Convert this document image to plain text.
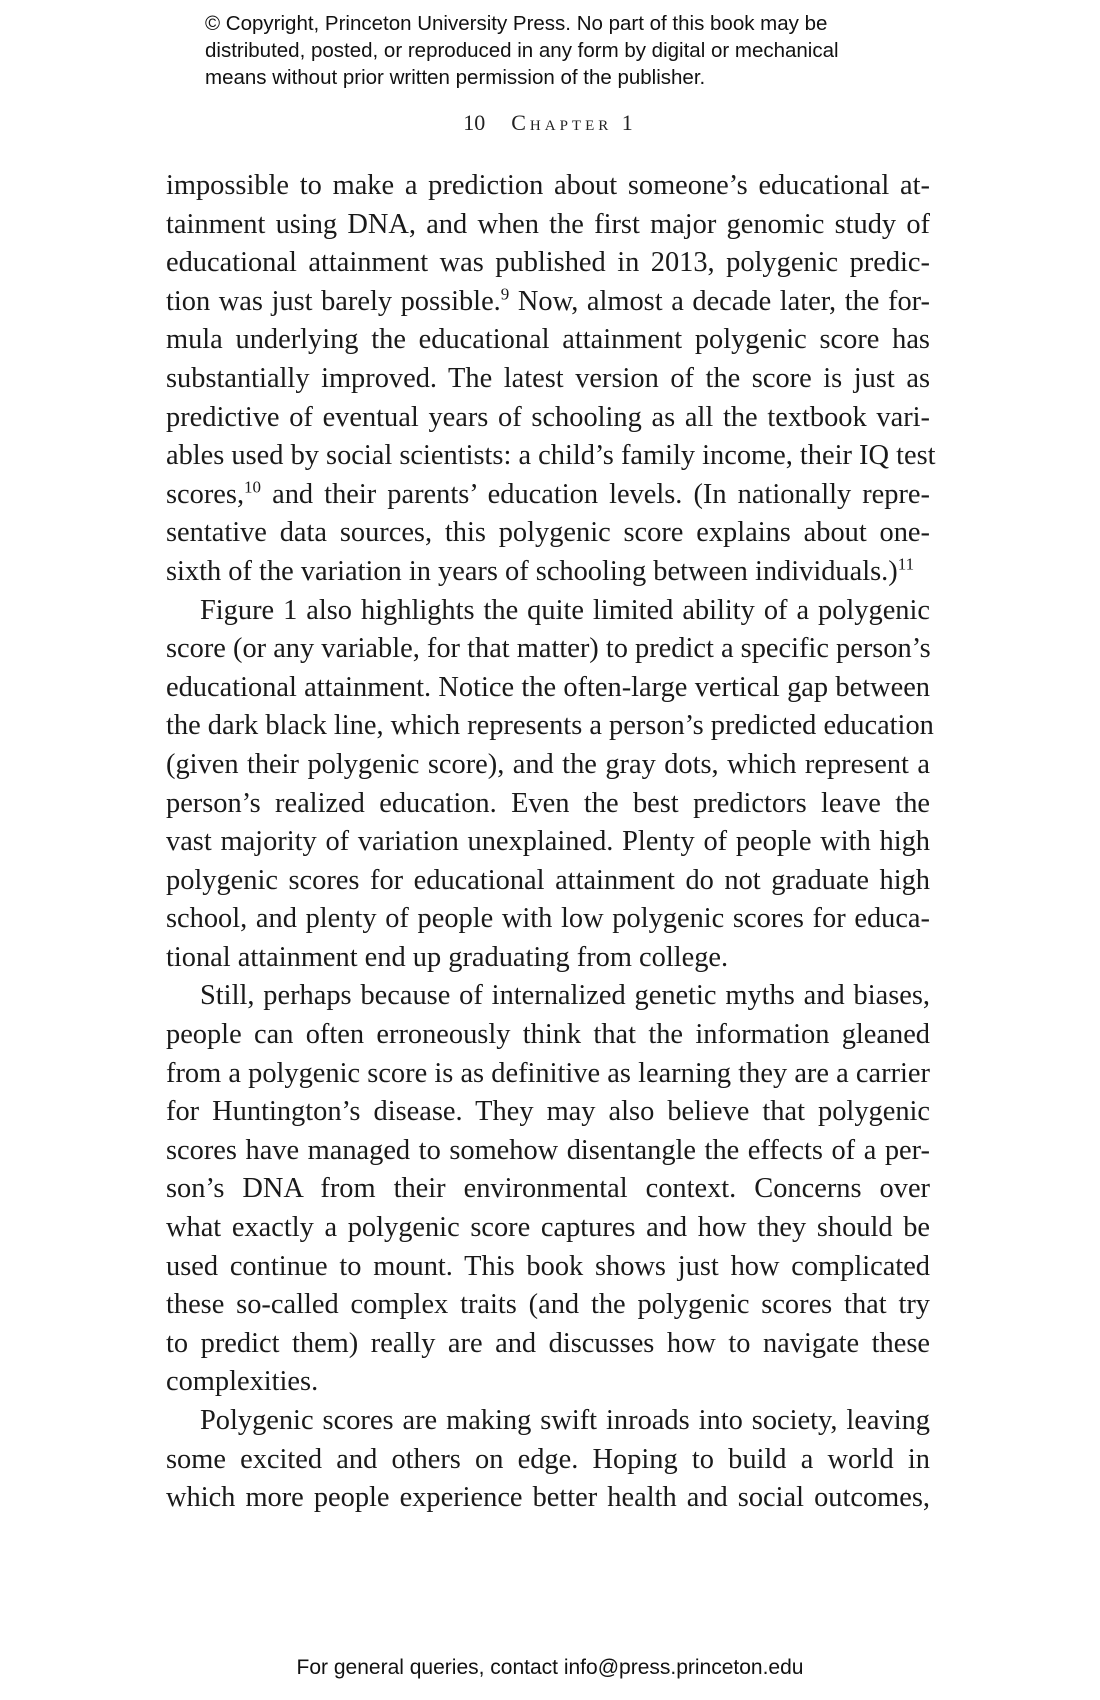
© Copyright, Princeton University Press. No part of this book may be
distributed, posted, or reproduced in any form by digital or mechanical
means without prior written permission of the publisher.
10 Chapter 1
impossible to make a prediction about someone’s educational at-
tainment using DNA, and when the first major genomic study of
educational attainment was published in 2013, polygenic predic-
tion was just barely possible.$^9$ Now, almost a decade later, the for-
mula underlying the educational attainment polygenic score has
substantially improved. The latest version of the score is just as
predictive of eventual years of schooling as all the textbook vari-
ables used by social scientists: a child’s family income, their IQ test
scores,$^{10}$ and their parents’ education levels. (In nationally repre-
sentative data sources, this polygenic score explains about one-
sixth of the variation in years of schooling between individuals.)$^{11}$
Figure 1 also highlights the quite limited ability of a polygenic
score (or any variable, for that matter) to predict a specific person’s
educational attainment. Notice the often-large vertical gap between
the dark black line, which represents a person’s predicted education
(given their polygenic score), and the gray dots, which represent a
person’s realized education. Even the best predictors leave the
vast majority of variation unexplained. Plenty of people with high
polygenic scores for educational attainment do not graduate high
school, and plenty of people with low polygenic scores for educa-
tional attainment end up graduating from college.
Still, perhaps because of internalized genetic myths and biases,
people can often erroneously think that the information gleaned
from a polygenic score is as definitive as learning they are a carrier
for Huntington’s disease. They may also believe that polygenic
scores have managed to somehow disentangle the effects of a per-
son’s DNA from their environmental context. Concerns over
what exactly a polygenic score captures and how they should be
used continue to mount. This book shows just how complicated
these so-called complex traits (and the polygenic scores that try
to predict them) really are and discusses how to navigate these
complexities.
Polygenic scores are making swift inroads into society, leaving
some excited and others on edge. Hoping to build a world in
which more people experience better health and social outcomes,
For general queries, contact info@press.princeton.edu
